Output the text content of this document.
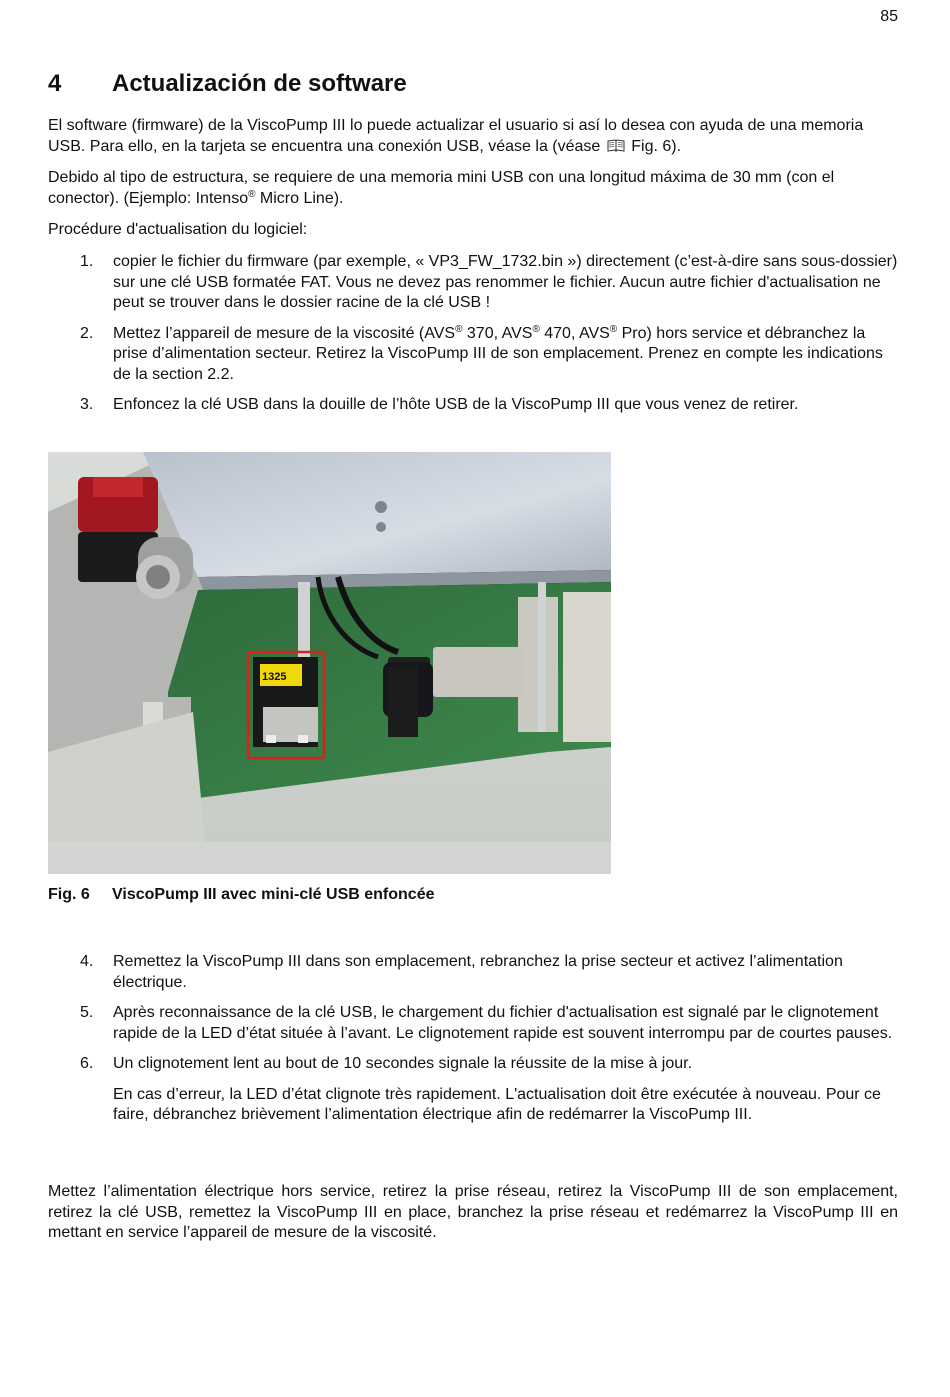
85
4 Actualización de software

El software (firmware) de la ViscoPump III lo puede actualizar el usuario si así lo desea con ayuda de una memoria USB. Para ello, en la tarjeta se encuentra una conexión USB, véase la (véase Fig. 6).

Debido al tipo de estructura, se requiere de una memoria mini USB con una longitud máxima de 30 mm (con el conector). (Ejemplo: Intenso® Micro Line).

Procédure d'actualisation du logiciel:

1. copier le fichier du firmware (par exemple, « VP3_FW_1732.bin ») directement (c’est-à-dire sans sous-dossier) sur une clé USB formatée FAT. Vous ne devez pas renommer le fichier. Aucun autre fichier d'actualisation ne peut se trouver dans le dossier racine de la clé USB !
2. Mettez l’appareil de mesure de la viscosité (AVS® 370, AVS® 470, AVS® Pro) hors service et débranchez la prise d’alimentation secteur. Retirez la ViscoPump III de son emplacement. Prenez en compte les indications de la section 2.2.
3. Enfoncez la clé USB dans la douille de l’hôte USB de la ViscoPump III que vous venez de retirer.
1325
Fig. 6 ViscoPump III avec mini-clé USB enfoncée
4. Remettez la ViscoPump III dans son emplacement, rebranchez la prise secteur et activez l’alimentation électrique.
5. Après reconnaissance de la clé USB, le chargement du fichier d'actualisation est signalé par le clignotement rapide de la LED d’état située à l’avant. Le clignotement rapide est souvent interrompu par de courtes pauses.
6. Un clignotement lent au bout de 10 secondes signale la réussite de la mise à jour.

En cas d’erreur, la LED d’état clignote très rapidement. L'actualisation doit être exécutée à nouveau. Pour ce faire, débranchez brièvement l’alimentation électrique afin de redémarrer la ViscoPump III.

Mettez l’alimentation électrique hors service, retirez la prise réseau, retirez la ViscoPump III de son emplacement, retirez la clé USB, remettez la ViscoPump III en place, branchez la prise réseau et redémarrez la ViscoPump III en mettant en service l’appareil de mesure de la viscosité.
